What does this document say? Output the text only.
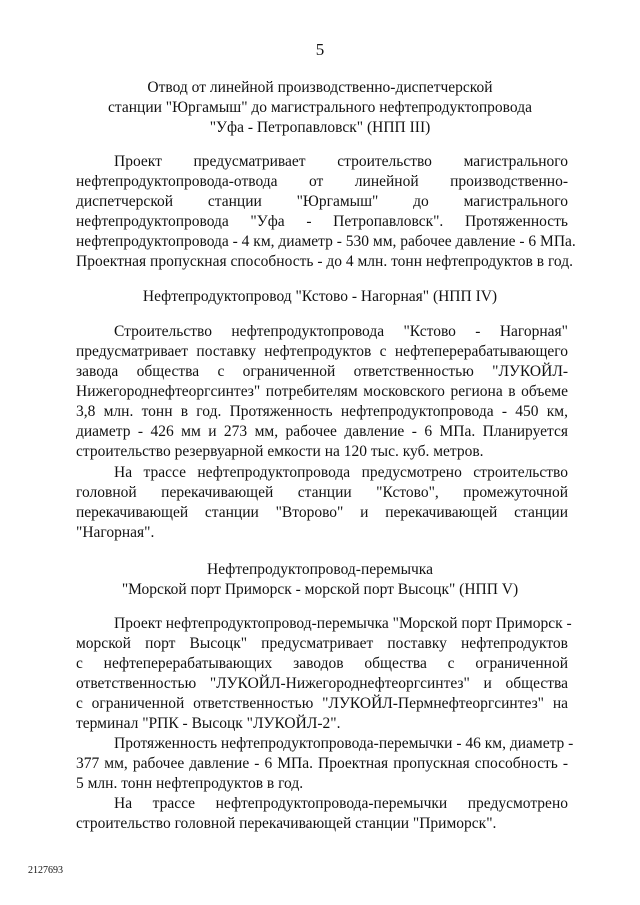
5
Отвод от линейной производственно-диспетчерской
станции "Юргамыш" до магистрального нефтепродуктопровода
"Уфа - Петропавловск" (НПП III)
Проект предусматривает строительство магистрального
нефтепродуктопровода-отвода от линейной производственно-
диспетчерской станции "Юргамыш" до магистрального
нефтепродуктопровода "Уфа - Петропавловск". Протяженность
нефтепродуктопровода - 4 км, диаметр - 530 мм, рабочее давление - 6 МПа.
Проектная пропускная способность - до 4 млн. тонн нефтепродуктов в год.
Нефтепродуктопровод "Кстово - Нагорная" (НПП IV)
Строительство нефтепродуктопровода "Кстово - Нагорная"
предусматривает поставку нефтепродуктов с нефтеперерабатывающего
завода общества с ограниченной ответственностью "ЛУКОЙЛ-
Нижегороднефтеоргсинтез" потребителям московского региона в объеме
3,8 млн. тонн в год. Протяженность нефтепродуктопровода - 450 км,
диаметр - 426 мм и 273 мм, рабочее давление - 6 МПа. Планируется
строительство резервуарной емкости на 120 тыс. куб. метров.
На трассе нефтепродуктопровода предусмотрено строительство
головной перекачивающей станции "Кстово", промежуточной
перекачивающей станции "Второво" и перекачивающей станции
"Нагорная".
Нефтепродуктопровод-перемычка
"Морской порт Приморск - морской порт Высоцк" (НПП V)
Проект нефтепродуктопровод-перемычка "Морской порт Приморск -
морской порт Высоцк" предусматривает поставку нефтепродуктов
с нефтеперерабатывающих заводов общества с ограниченной
ответственностью "ЛУКОЙЛ-Нижегороднефтеоргсинтез" и общества
с ограниченной ответственностью "ЛУКОЙЛ-Пермнефтеоргсинтез" на
терминал "РПК - Высоцк "ЛУКОЙЛ-2".
Протяженность нефтепродуктопровода-перемычки - 46 км, диаметр -
377 мм, рабочее давление - 6 МПа. Проектная пропускная способность -
5 млн. тонн нефтепродуктов в год.
На трассе нефтепродуктопровода-перемычки предусмотрено
строительство головной перекачивающей станции "Приморск".
2127693
